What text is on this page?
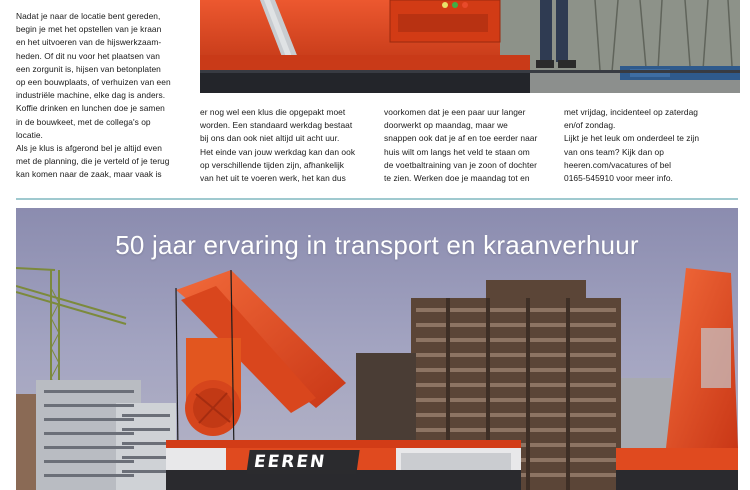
Nadat je naar de locatie bent gereden,

begin je met het opstellen van je kraan

en het uitvoeren van de hijswerkzaam-

heden. Of dit nu voor het plaatsen van

een zorgunit is, hijsen van betonplaten

op een bouwplaats, of verhuizen van een

industriële machine, elke dag is anders.

Koffie drinken en lunchen doe je samen

in de bouwkeet, met de collega's op

locatie.

Als je klus is afgerond bel je altijd even

met de planning, die je verteld of je terug

kan komen naar de zaak, maar vaak is

er nog wel een klus die opgepakt moet

worden. Een standaard werkdag bestaat

bij ons dan ook niet altijd uit acht uur.

Het einde van jouw werkdag kan dan ook

op verschillende tijden zijn, afhankelijk

van het uit te voeren werk, het kan dus

voorkomen dat je een paar uur langer

doorwerkt op maandag, maar we

snappen ook dat je af en toe eerder naar

huis wilt om langs het veld te staan om

de voetbaltraining van je zoon of dochter

te zien. Werken doe je maandag tot en

met vrijdag, incidenteel op zaterdag

en/of zondag.

Lijkt je het leuk om onderdeel te zijn

van ons team? Kijk dan op

heeren.com/vacatures of bel

0165-545910 voor meer info.

50 jaar ervaring in transport en kraanverhuur
EEREN
